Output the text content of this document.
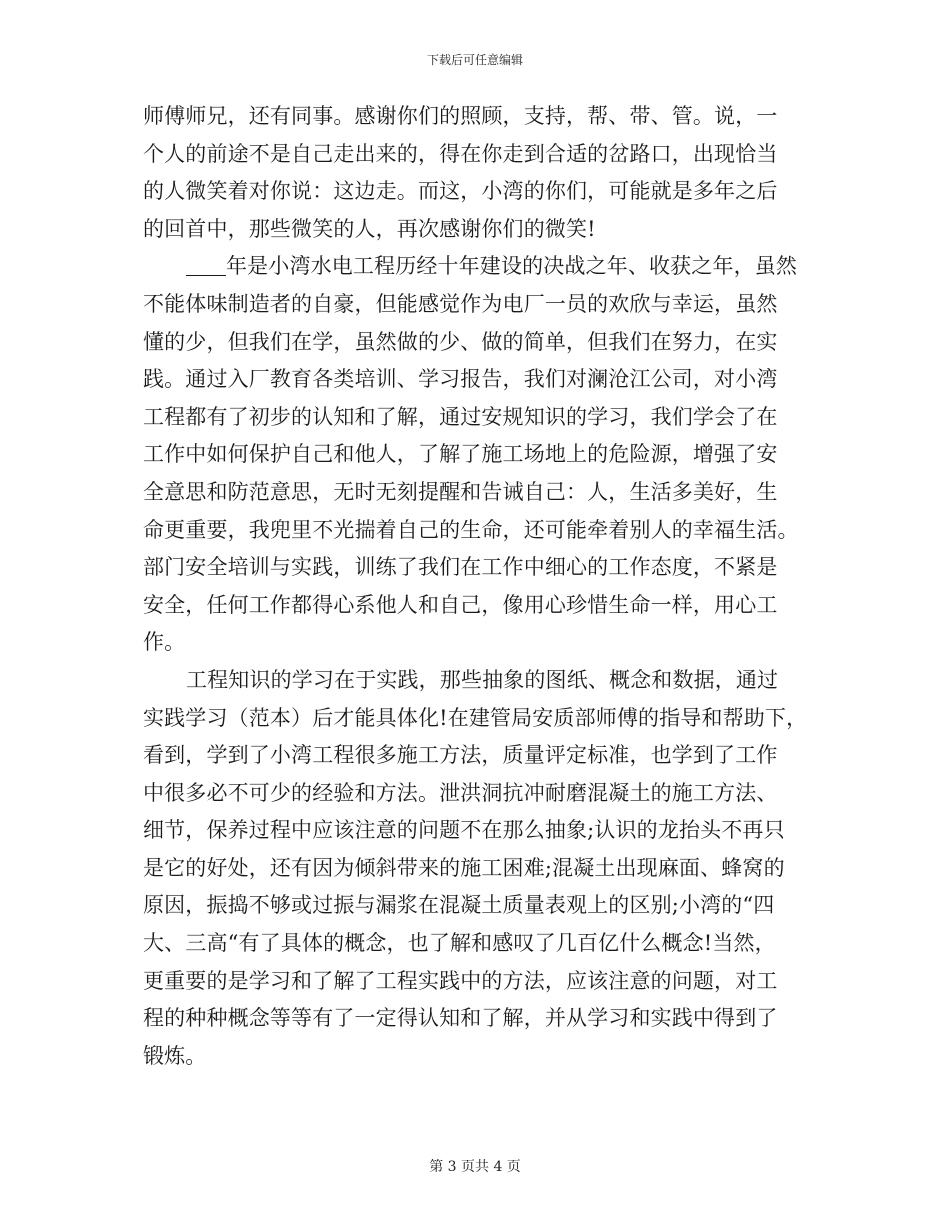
下载后可任意编辑
师傅师兄，还有同事。感谢你们的照顾，支持，帮、带、管。说，一
个人的前途不是自己走出来的，得在你走到合适的岔路口，出现恰当
的人微笑着对你说：这边走。而这，小湾的你们，可能就是多年之后
的回首中，那些微笑的人，再次感谢你们的微笑!
年是小湾水电工程历经十年建设的决战之年、收获之年，虽然
不能体味制造者的自豪，但能感觉作为电厂一员的欢欣与幸运，虽然
懂的少，但我们在学，虽然做的少、做的简单，但我们在努力，在实
践。通过入厂教育各类培训、学习报告，我们对澜沧江公司，对小湾
工程都有了初步的认知和了解，通过安规知识的学习，我们学会了在
工作中如何保护自己和他人，了解了施工场地上的危险源，增强了安
全意思和防范意思，无时无刻提醒和告诫自己：人，生活多美好，生
命更重要，我兜里不光揣着自己的生命，还可能牵着别人的幸福生活。
部门安全培训与实践，训练了我们在工作中细心的工作态度，不紧是
安全，任何工作都得心系他人和自己，像用心珍惜生命一样，用心工
作。
工程知识的学习在于实践，那些抽象的图纸、概念和数据，通过
实践学习（范本）后才能具体化!在建管局安质部师傅的指导和帮助下，
看到，学到了小湾工程很多施工方法，质量评定标准，也学到了工作
中很多必不可少的经验和方法。泄洪洞抗冲耐磨混凝土的施工方法、
细节，保养过程中应该注意的问题不在那么抽象;认识的龙抬头不再只
是它的好处，还有因为倾斜带来的施工困难;混凝土出现麻面、蜂窝的
原因，振捣不够或过振与漏浆在混凝土质量表观上的区别;小湾的“四
大、三高“有了具体的概念，也了解和感叹了几百亿什么概念!当然，
更重要的是学习和了解了工程实践中的方法，应该注意的问题，对工
程的种种概念等等有了一定得认知和了解，并从学习和实践中得到了
锻炼。
第 3 页共 4 页
